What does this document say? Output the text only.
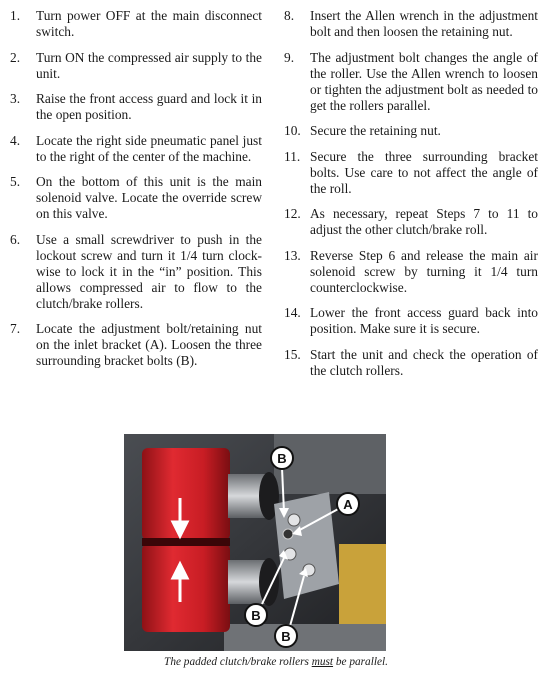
1.	Turn power OFF at the main disconnect switch.
2.	Turn ON the compressed air supply to the unit.
3.	Raise the front access guard and lock it in the open position.
4.	Locate the right side pneumatic panel just to the right of the center of the machine.
5.	On the bottom of this unit is the main solenoid valve. Locate the override screw on this valve.
6.	Use a small screwdriver to push in the lockout screw and turn it 1/4 turn clock-wise to lock it in the “in” position. This allows compressed air to flow to the clutch/brake rollers.
7.	Locate the adjustment bolt/retaining nut on the inlet bracket (A). Loosen the three surrounding bracket bolts (B).
8.	Insert the Allen wrench in the adjustment bolt and then loosen the retaining nut.
9.	The adjustment bolt changes the angle of the roller. Use the Allen wrench to loosen or tighten the adjustment bolt as needed to get the rollers parallel.
10. Secure the retaining nut.
11. Secure the three surrounding bracket bolts. Use care to not affect the angle of the roll.
12. As necessary, repeat Steps 7 to 11 to adjust the other clutch/brake roll.
13. Reverse Step 6 and release the main air solenoid screw by turning it 1/4 turn counterclockwise.
14. Lower the front access guard back into position. Make sure it is secure.
15. Start the unit and check the operation of the clutch rollers.
B
A
B
B
The padded clutch/brake rollers must be parallel.
